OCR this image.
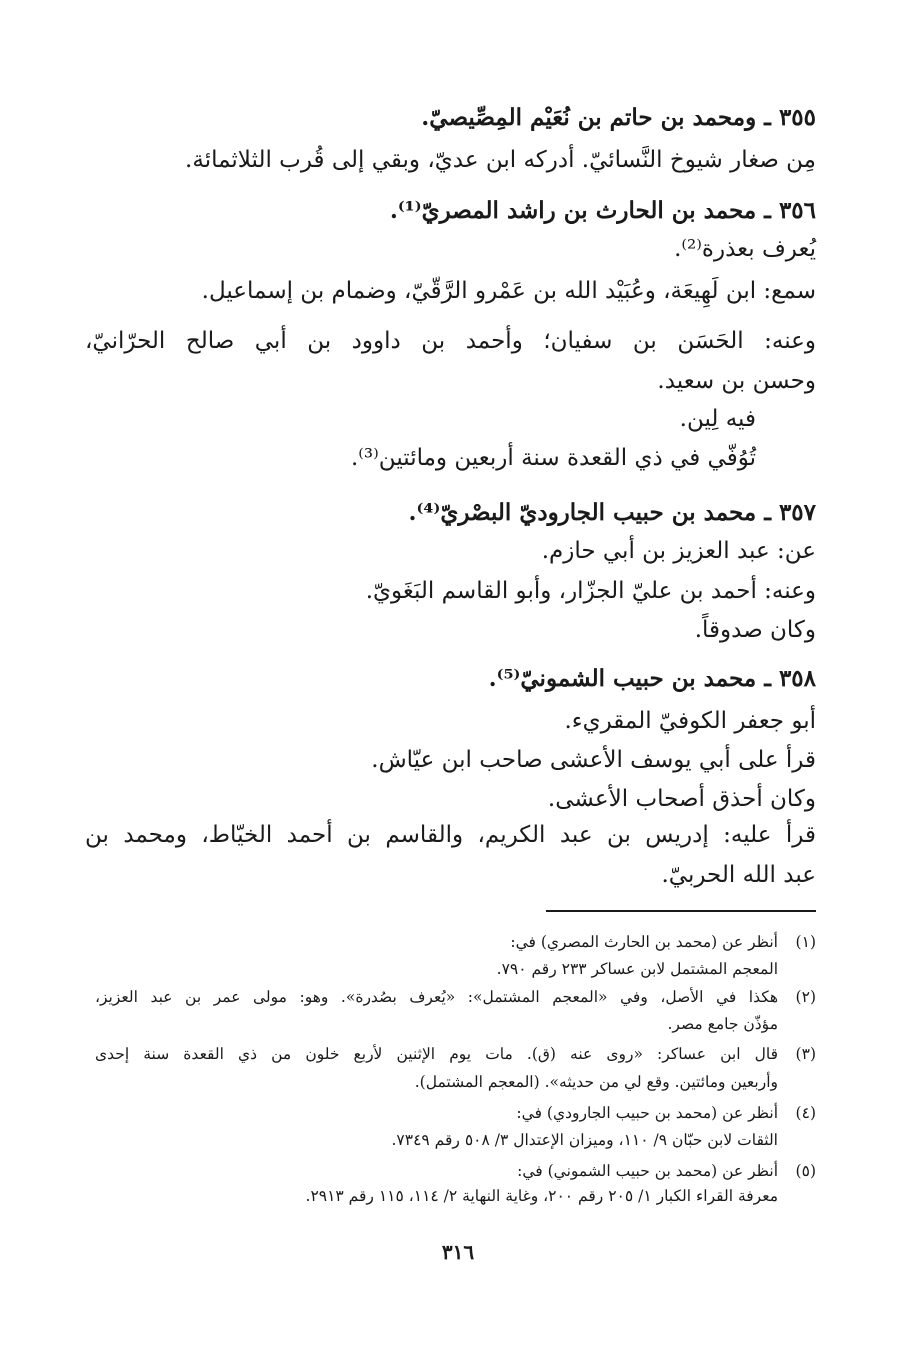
٣٥٥ ـ ومحمد بن حاتم بن نُعَيْم المِصِّيصيّ.
مِن صغار شيوخ النَّسائيّ. أدركه ابن عديّ، وبقي إلى قُرب الثلاثمائة.
٣٥٦ ـ محمد بن الحارث بن راشد المصريّ⁽¹⁾.
يُعرف بعذرة⁽²⁾.
سمع: ابن لَهِيعَة، وعُبَيْد الله بن عَمْرو الرَّقّيّ، وضمام بن إسماعيل.
وعنه: الحَسَن بن سفيان؛ وأحمد بن داوود بن أبي صالح الحرّانيّ،
وحسن بن سعيد.
فيه لِين.
تُوُفّي في ذي القعدة سنة أربعين ومائتين⁽³⁾.
٣٥٧ ـ محمد بن حبيب الجاروديّ البصْريّ⁽⁴⁾.
عن: عبد العزيز بن أبي حازم.
وعنه: أحمد بن عليّ الجزّار، وأبو القاسم البَغَويّ.
وكان صدوقاً.
٣٥٨ ـ محمد بن حبيب الشمونيّ⁽⁵⁾.
أبو جعفر الكوفيّ المقريء.
قرأ على أبي يوسف الأعشى صاحب ابن عيّاش.
وكان أحذق أصحاب الأعشى.
قرأ عليه: إدريس بن عبد الكريم، والقاسم بن أحمد الخيّاط، ومحمد بن
عبد الله الحربيّ.
(١)أنظر عن (محمد بن الحارث المصري) في:
المعجم المشتمل لابن عساكر ٢٣٣ رقم ٧٩٠.
(٢)هكذا في الأصل، وفي «المعجم المشتمل»: «يُعرف بصُدرة». وهو: مولى عمر بن عبد العزيز،
مؤذّن جامع مصر.
(٣)قال ابن عساكر: «روى عنه (ق). مات يوم الإثنين لأربع خلون من ذي القعدة سنة إحدى
وأربعين ومائتين. وقع لي من حديثه». (المعجم المشتمل).
(٤)أنظر عن (محمد بن حبيب الجارودي) في:
الثقات لابن حبّان ٩/ ١١٠، وميزان الإعتدال ٣/ ٥٠٨ رقم ٧٣٤٩.
(٥)أنظر عن (محمد بن حبيب الشموني) في:
معرفة القراء الكبار ١/ ٢٠٥ رقم ٢٠٠، وغاية النهاية ٢/ ١١٤، ١١٥ رقم ٢٩١٣.
٣١٦
